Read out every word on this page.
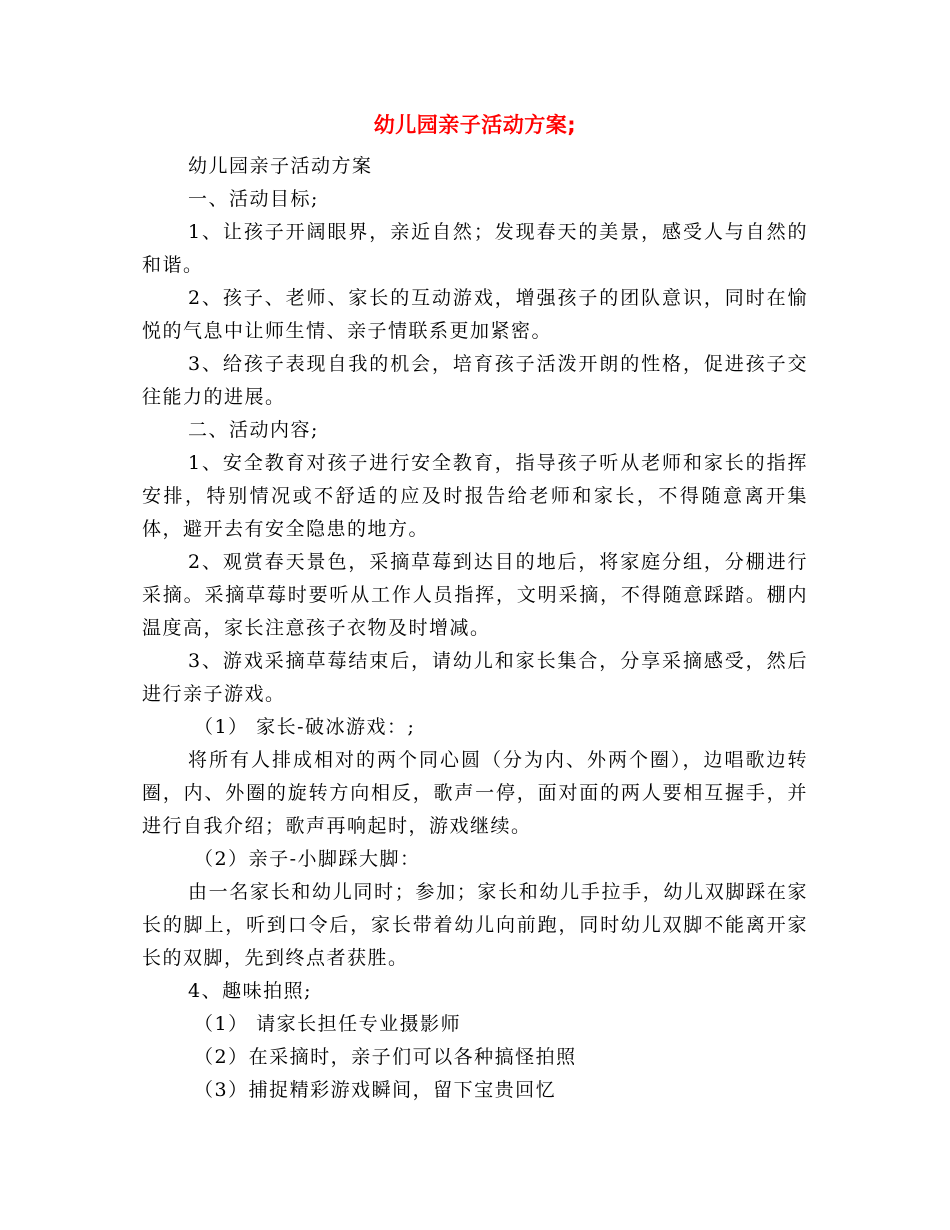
幼儿园亲子活动方案;

幼儿园亲子活动方案

一、活动目标;

1、让孩子开阔眼界，亲近自然；发现春天的美景，感受人与自然的和谐。

2、孩子、老师、家长的互动游戏，增强孩子的团队意识，同时在愉悦的气息中让师生情、亲子情联系更加紧密。

3、给孩子表现自我的机会，培育孩子活泼开朗的性格，促进孩子交往能力的进展。

二、活动内容;

1、安全教育对孩子进行安全教育，指导孩子听从老师和家长的指挥安排，特别情况或不舒适的应及时报告给老师和家长，不得随意离开集体，避开去有安全隐患的地方。

2、观赏春天景色，采摘草莓到达目的地后，将家庭分组，分棚进行采摘。采摘草莓时要听从工作人员指挥，文明采摘，不得随意踩踏。棚内温度高，家长注意孩子衣物及时增减。

3、游戏采摘草莓结束后，请幼儿和家长集合，分享采摘感受，然后进行亲子游戏。

（1） 家长-破冰游戏：;

将所有人排成相对的两个同心圆（分为内、外两个圈），边唱歌边转圈，内、外圈的旋转方向相反，歌声一停，面对面的两人要相互握手，并进行自我介绍；歌声再响起时，游戏继续。

（2）亲子-小脚踩大脚：

由一名家长和幼儿同时；参加；家长和幼儿手拉手，幼儿双脚踩在家长的脚上，听到口令后，家长带着幼儿向前跑，同时幼儿双脚不能离开家长的双脚，先到终点者获胜。

4、趣味拍照;

（1） 请家长担任专业摄影师

（2）在采摘时，亲子们可以各种搞怪拍照

（3）捕捉精彩游戏瞬间，留下宝贵回忆
